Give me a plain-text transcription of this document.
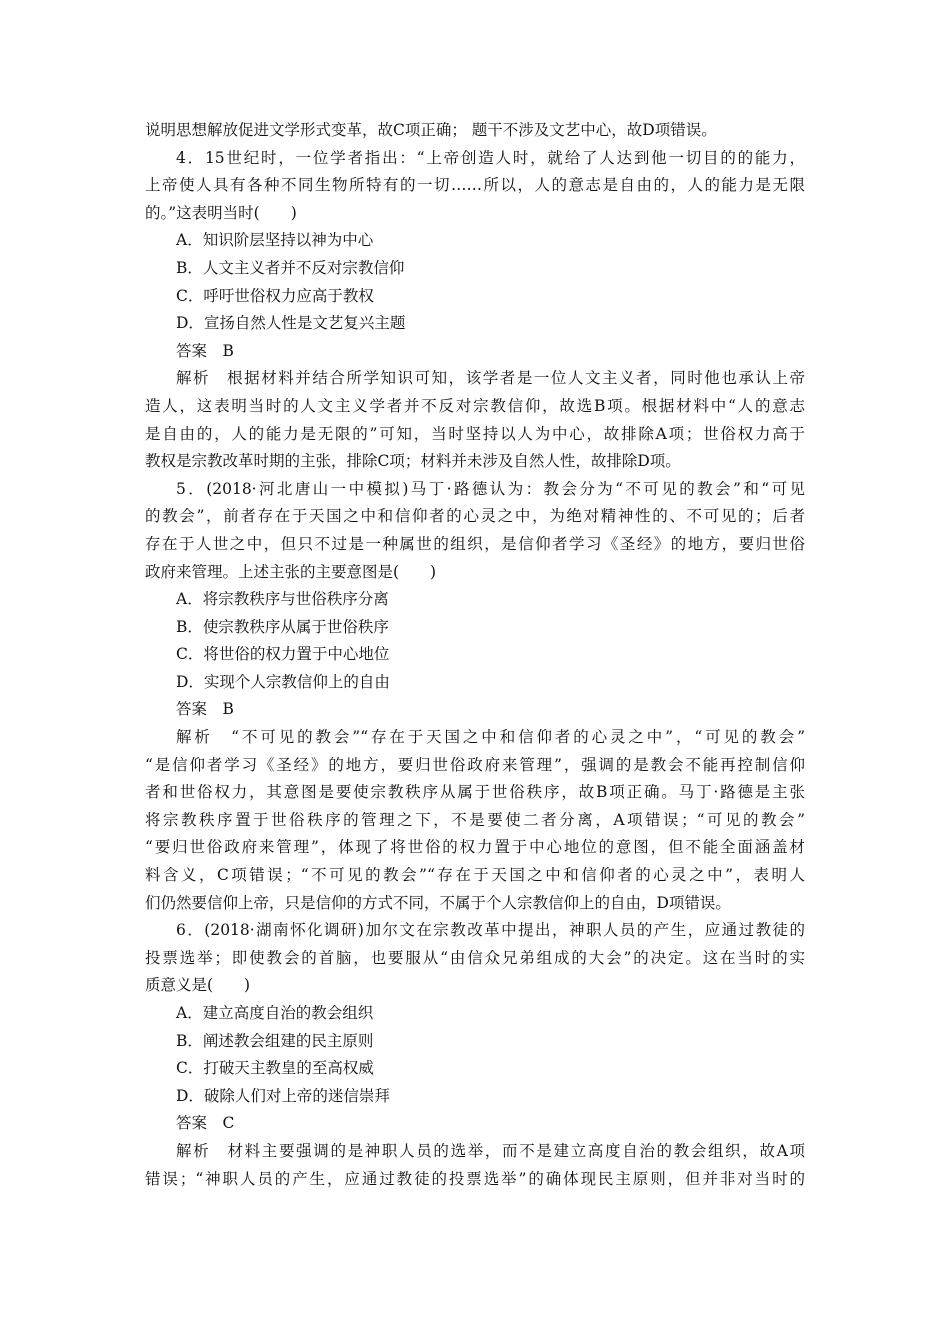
说明思想解放促进文学形式变革，故C项正确； 题干不涉及文艺中心，故D项错误。
4．15世纪时，一位学者指出：“上帝创造人时，就给了人达到他一切目的的能力，
上帝使人具有各种不同生物所特有的一切……所以，人的意志是自由的，人的能力是无限
的。”这表明当时(　　)
A．知识阶层坚持以神为中心
B．人文主义者并不反对宗教信仰
C．呼吁世俗权力应高于教权
D．宣扬自然人性是文艺复兴主题
答案　B
解析　根据材料并结合所学知识可知，该学者是一位人文主义者，同时他也承认上帝
造人，这表明当时的人文主义学者并不反对宗教信仰，故选B项。根据材料中“人的意志
是自由的，人的能力是无限的”可知，当时坚持以人为中心，故排除A项；世俗权力高于
教权是宗教改革时期的主张，排除C项；材料并未涉及自然人性，故排除D项。
5．(2018·河北唐山一中模拟)马丁·路德认为：教会分为“不可见的教会”和“可见
的教会”，前者存在于天国之中和信仰者的心灵之中，为绝对精神性的、不可见的；后者
存在于人世之中，但只不过是一种属世的组织，是信仰者学习《圣经》的地方，要归世俗
政府来管理。上述主张的主要意图是(　　)
A．将宗教秩序与世俗秩序分离
B．使宗教秩序从属于世俗秩序
C．将世俗的权力置于中心地位
D．实现个人宗教信仰上的自由
答案　B
解析　“不可见的教会”“存在于天国之中和信仰者的心灵之中”，“可见的教会”
“是信仰者学习《圣经》的地方，要归世俗政府来管理”，强调的是教会不能再控制信仰
者和世俗权力，其意图是要使宗教秩序从属于世俗秩序，故B项正确。马丁·路德是主张
将宗教秩序置于世俗秩序的管理之下，不是要使二者分离，A项错误；“可见的教会”
“要归世俗政府来管理”，体现了将世俗的权力置于中心地位的意图，但不能全面涵盖材
料含义，C项错误；“不可见的教会”“存在于天国之中和信仰者的心灵之中”，表明人
们仍然要信仰上帝，只是信仰的方式不同，不属于个人宗教信仰上的自由，D项错误。
6．(2018·湖南怀化调研)加尔文在宗教改革中提出，神职人员的产生，应通过教徒的
投票选举；即使教会的首脑，也要服从“由信众兄弟组成的大会”的决定。这在当时的实
质意义是(　　)
A．建立高度自治的教会组织
B．阐述教会组建的民主原则
C．打破天主教皇的至高权威
D．破除人们对上帝的迷信崇拜
答案　C
解析　材料主要强调的是神职人员的选举，而不是建立高度自治的教会组织，故A项
错误；“神职人员的产生，应通过教徒的投票选举”的确体现民主原则，但并非对当时的
